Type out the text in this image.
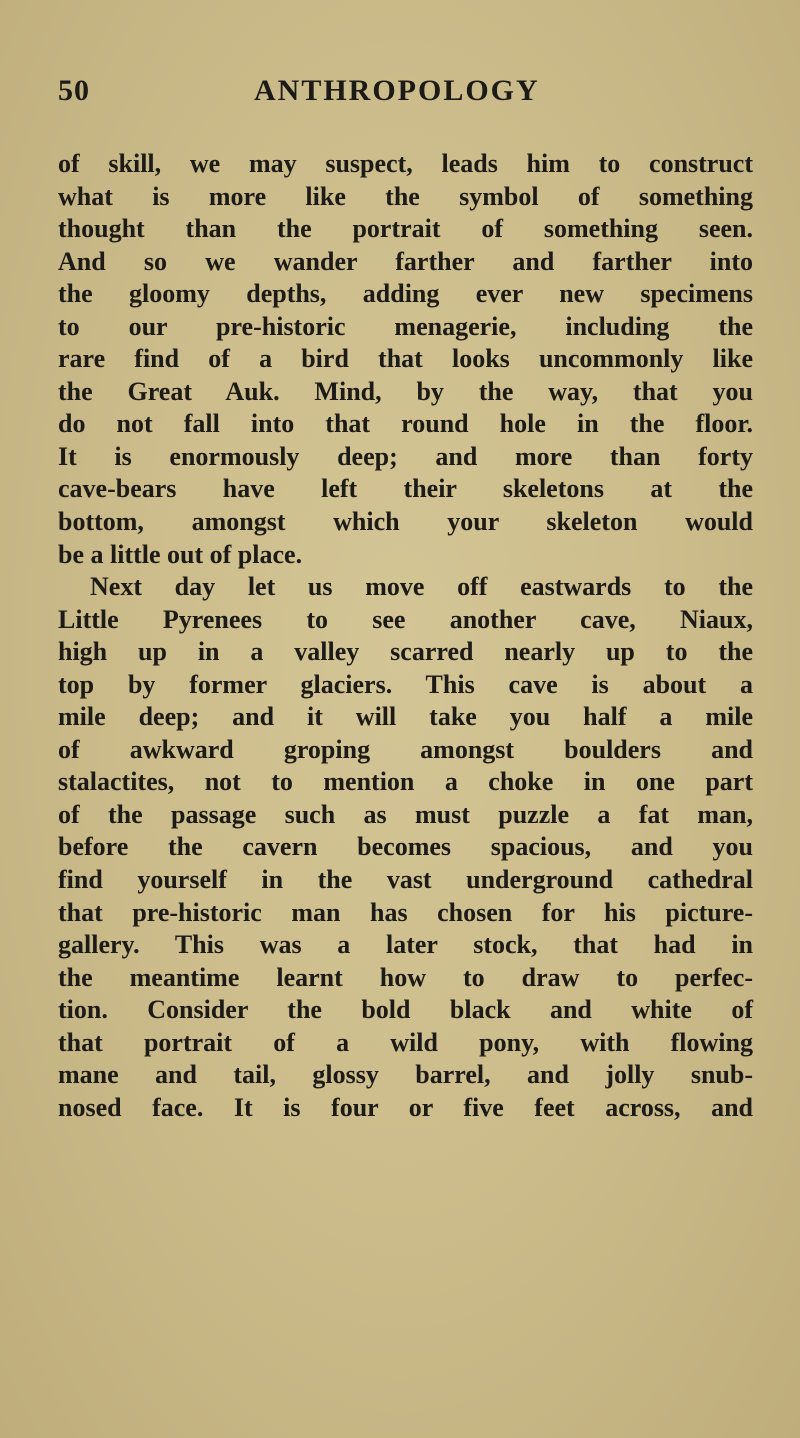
50	ANTHROPOLOGY
of skill, we may suspect, leads him to construct
what is more like the symbol of something
thought than the portrait of something seen.
And so we wander farther and farther into
the gloomy depths, adding ever new specimens
to our pre-historic menagerie, including the
rare find of a bird that looks uncommonly like
the Great Auk. Mind, by the way, that you
do not fall into that round hole in the floor.
It is enormously deep; and more than forty
cave-bears have left their skeletons at the
bottom, amongst which your skeleton would
be a little out of place.
Next day let us move off eastwards to the
Little Pyrenees to see another cave, Niaux,
high up in a valley scarred nearly up to the
top by former glaciers. This cave is about a
mile deep; and it will take you half a mile
of awkward groping amongst boulders and
stalactites, not to mention a choke in one part
of the passage such as must puzzle a fat man,
before the cavern becomes spacious, and you
find yourself in the vast underground cathedral
that pre-historic man has chosen for his picture-
gallery. This was a later stock, that had in
the meantime learnt how to draw to perfec-
tion. Consider the bold black and white of
that portrait of a wild pony, with flowing
mane and tail, glossy barrel, and jolly snub-
nosed face. It is four or five feet across, and
